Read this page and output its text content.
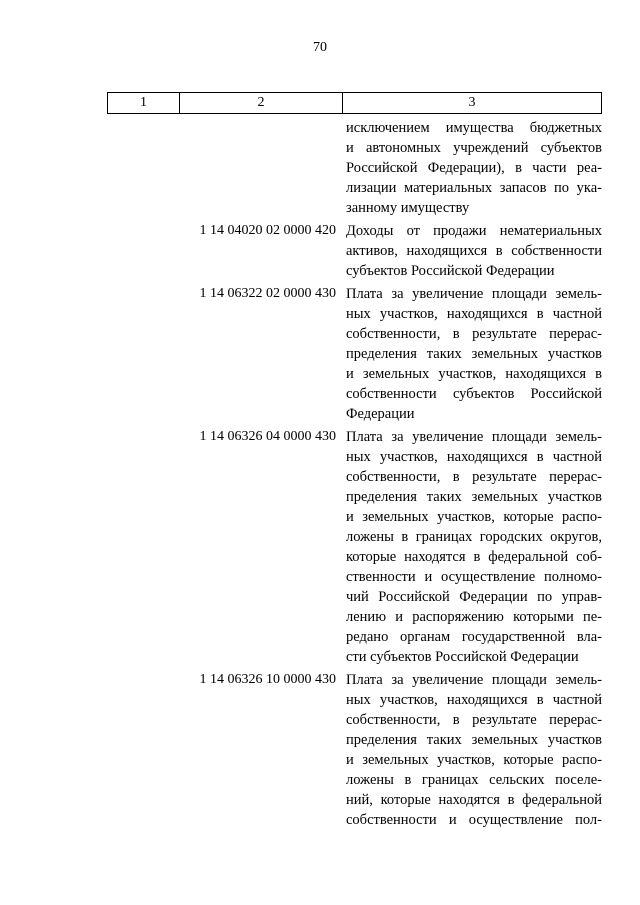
70
1	2	3
исключением имущества бюджетных
и автономных учреждений субъектов
Российской Федерации), в части реа-
лизации материальных запасов по ука-
занному имуществу
1 14 04020 02 0000 420 Доходы от продажи нематериальных
активов, находящихся в собственности
субъектов Российской Федерации
1 14 06322 02 0000 430 Плата за увеличение площади земель-
ных участков, находящихся в частной
собственности, в результате перерас-
пределения таких земельных участков
и земельных участков, находящихся в
собственности субъектов Российской
Федерации
1 14 06326 04 0000 430 Плата за увеличение площади земель-
ных участков, находящихся в частной
собственности, в результате перерас-
пределения таких земельных участков
и земельных участков, которые распо-
ложены в границах городских округов,
которые находятся в федеральной соб-
ственности и осуществление полномо-
чий Российской Федерации по управ-
лению и распоряжению которыми пе-
редано органам государственной вла-
сти субъектов Российской Федерации
1 14 06326 10 0000 430 Плата за увеличение площади земель-
ных участков, находящихся в частной
собственности, в результате перерас-
пределения таких земельных участков
и земельных участков, которые распо-
ложены в границах сельских поселе-
ний, которые находятся в федеральной
собственности и осуществление пол-
